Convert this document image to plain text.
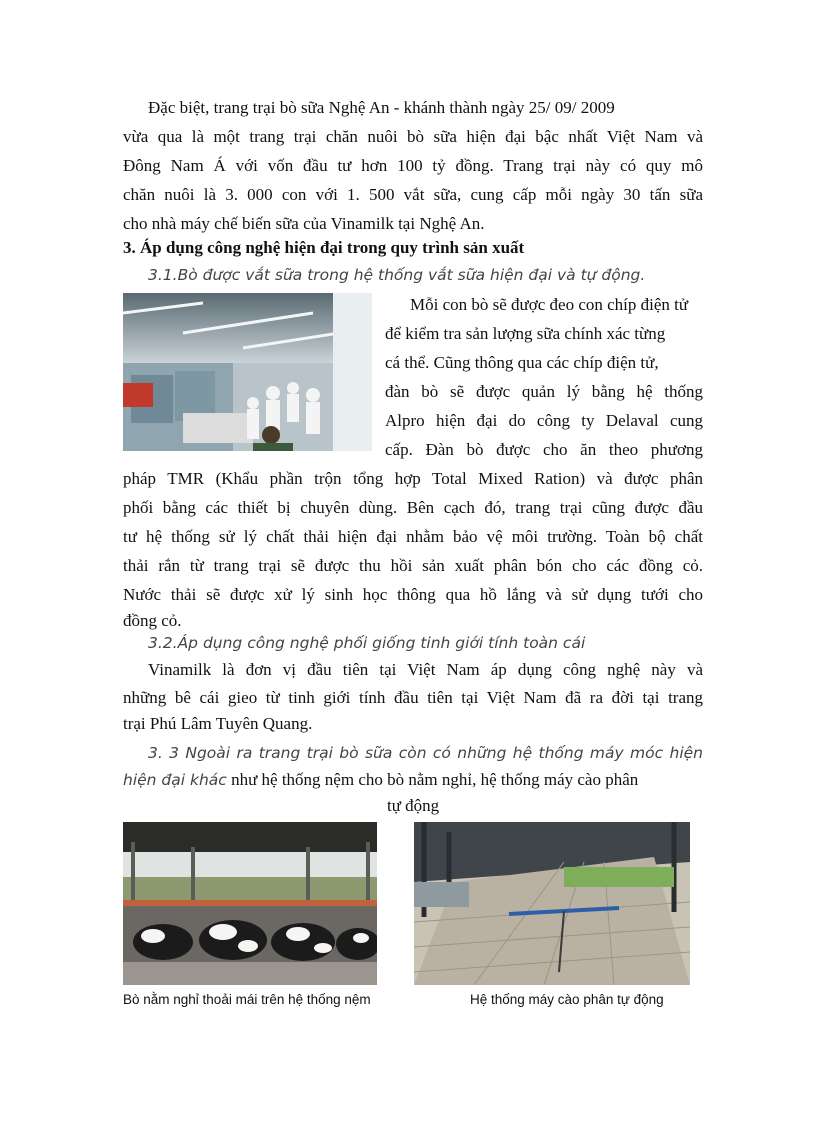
Đặc biệt, trang trại bò sữa Nghệ An - khánh thành ngày 25/ 09/ 2009
vừa qua là một trang trại chăn nuôi bò sữa hiện đại bậc nhất Việt Nam và
Đông Nam Á với vốn đầu tư hơn 100 tỷ đồng. Trang trại này có quy mô
chăn nuôi là 3. 000 con với 1. 500 vắt sữa, cung cấp mỗi ngày 30 tấn sữa
cho nhà máy chế biến sữa của Vinamilk tại Nghệ An.
3. Áp dụng công nghệ hiện đại trong quy trình sản xuất
3.1.Bò được vắt sữa trong hệ thống vắt sữa hiện đại và tự động.
Mỗi con bò sẽ được đeo con chíp điện tử
để kiểm tra sản lượng sữa chính xác từng
cá thể. Cũng thông qua các chíp điện tử,
đàn bò sẽ được quản lý bằng hệ thống
Alpro hiện đại do công ty Delaval cung
cấp. Đàn bò được cho ăn theo phương
pháp TMR (Khẩu phần trộn tổng hợp Total Mixed Ration) và được phân
phối bằng các thiết bị chuyên dùng. Bên cạch đó, trang trại cũng được đầu
tư hệ thống sử lý chất thải hiện đại nhằm bảo vệ môi trường. Toàn bộ chất
thải rắn từ trang trại sẽ được thu hồi sản xuất phân bón cho các đồng cỏ.
Nước thải sẽ được xử lý sinh học thông qua hồ lắng và sử dụng tưới cho
đồng cỏ.
3.2.Áp dụng công nghệ phối giống tinh giới tính toàn cái
Vinamilk là đơn vị đầu tiên tại Việt Nam áp dụng công nghệ này và
những bê cái gieo từ tinh giới tính đầu tiên tại Việt Nam đã ra đời tại trang
trại Phú Lâm Tuyên Quang.
3. 3 Ngoài ra trang trại bò sữa còn có những hệ thống máy móc hiện
hiện đại khác như hệ thống nệm cho bò nằm nghỉ, hệ thống máy cào phân
tự động
Bò nằm nghỉ thoải mái trên hệ thống nệm	Hệ thống máy cào phân tự động
